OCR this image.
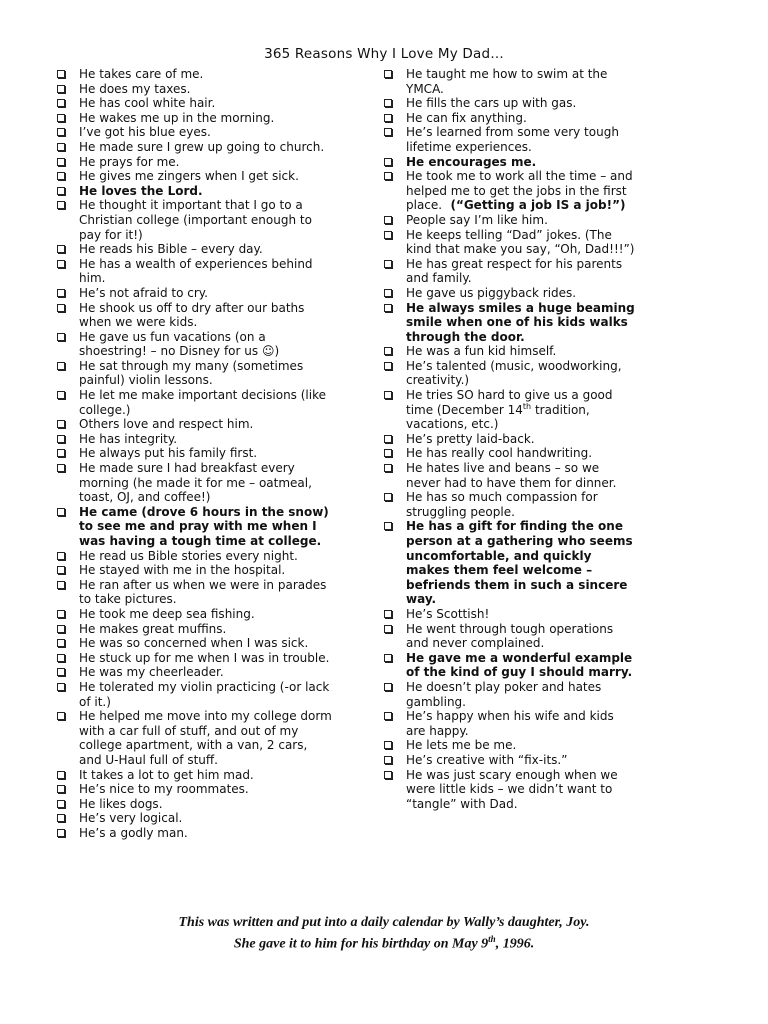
365 Reasons Why I Love My Dad…
He takes care of me.
He does my taxes.
He has cool white hair.
He wakes me up in the morning.
I’ve got his blue eyes.
He made sure I grew up going to church.
He prays for me.
He gives me zingers when I get sick.
He loves the Lord.
He thought it important that I go to a Christian college (important enough to pay for it!)
He reads his Bible – every day.
He has a wealth of experiences behind him.
He’s not afraid to cry.
He shook us off to dry after our baths when we were kids.
He gave us fun vacations (on a shoestring! – no Disney for us ☺)
He sat through my many (sometimes painful) violin lessons.
He let me make important decisions (like college.)
Others love and respect him.
He has integrity.
He always put his family first.
He made sure I had breakfast every morning (he made it for me – oatmeal, toast, OJ, and coffee!)
He came (drove 6 hours in the snow) to see me and pray with me when I was having a tough time at college.
He read us Bible stories every night.
He stayed with me in the hospital.
He ran after us when we were in parades to take pictures.
He took me deep sea fishing.
He makes great muffins.
He was so concerned when I was sick.
He stuck up for me when I was in trouble.
He was my cheerleader.
He tolerated my violin practicing (-or lack of it.)
He helped me move into my college dorm with a car full of stuff, and out of my college apartment, with a van, 2 cars, and U-Haul full of stuff.
It takes a lot to get him mad.
He’s nice to my roommates.
He likes dogs.
He’s very logical.
He’s a godly man.
He taught me how to swim at the YMCA.
He fills the cars up with gas.
He can fix anything.
He’s learned from some very tough lifetime experiences.
He encourages me.
He took me to work all the time – and helped me to get the jobs in the first place.  (“Getting a job IS a job!”)
People say I’m like him.
He keeps telling “Dad” jokes. (The kind that make you say, “Oh, Dad!!!”)
He has great respect for his parents and family.
He gave us piggyback rides.
He always smiles a huge beaming smile when one of his kids walks through the door.
He was a fun kid himself.
He’s talented (music, woodworking, creativity.)
He tries SO hard to give us a good time (December 14th tradition, vacations, etc.)
He’s pretty laid-back.
He has really cool handwriting.
He hates live and beans – so we never had to have them for dinner.
He has so much compassion for struggling people.
He has a gift for finding the one person at a gathering who seems uncomfortable, and quickly makes them feel welcome – befriends them in such a sincere way.
He’s Scottish!
He went through tough operations and never complained.
He gave me a wonderful example of the kind of guy I should marry.
He doesn’t play poker and hates gambling.
He’s happy when his wife and kids are happy.
He lets me be me.
He’s creative with “fix-its.”
He was just scary enough when we were little kids – we didn’t want to “tangle” with Dad.
This was written and put into a daily calendar by Wally’s daughter, Joy.
She gave it to him for his birthday on May 9th, 1996.
